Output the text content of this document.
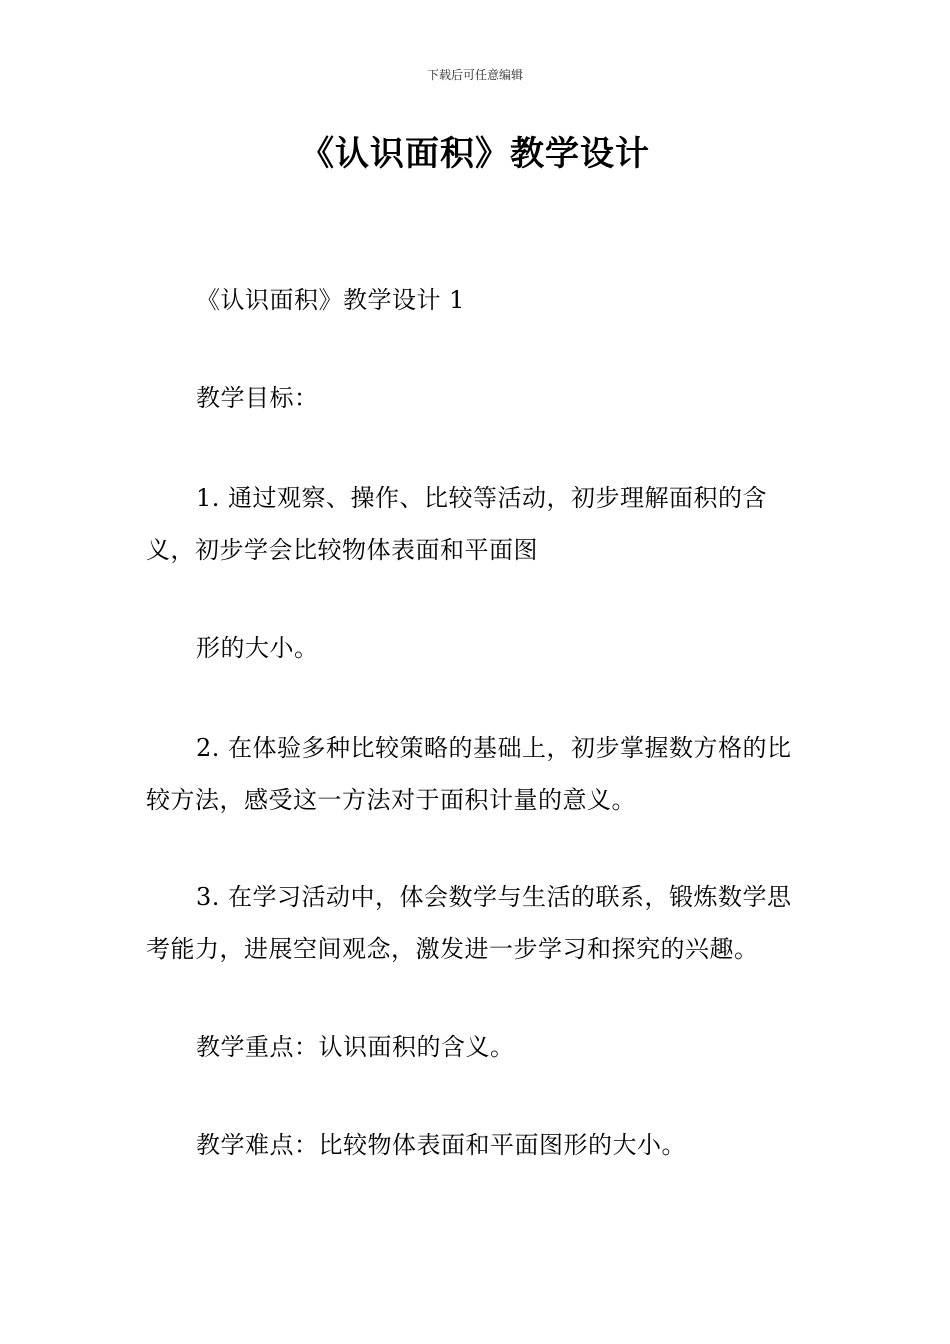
下载后可任意编辑
《认识面积》教学设计

《认识面积》教学设计 1

教学目标：

1. 通过观察、操作、比较等活动，初步理解面积的含义，初步学会比较物体表面和平面图

形的大小。

2. 在体验多种比较策略的基础上，初步掌握数方格的比较方法，感受这一方法对于面积计量的意义。

3. 在学习活动中，体会数学与生活的联系，锻炼数学思考能力，进展空间观念，激发进一步学习和探究的兴趣。

教学重点：认识面积的含义。

教学难点：比较物体表面和平面图形的大小。
